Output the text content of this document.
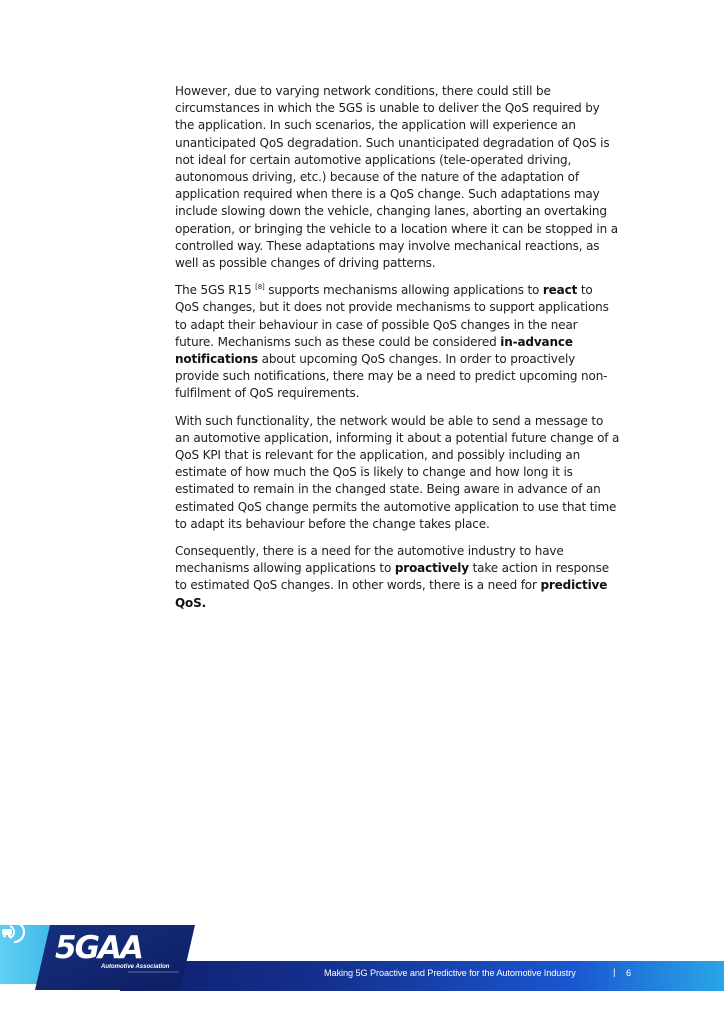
However, due to varying network conditions, there could still be circumstances in which the 5GS is unable to deliver the QoS required by the application. In such scenarios, the application will experience an unanticipated QoS degradation. Such unanticipated degradation of QoS is not ideal for certain automotive applications (tele-operated driving, autonomous driving, etc.) because of the nature of the adaptation of application required when there is a QoS change. Such adaptations may include slowing down the vehicle, changing lanes, aborting an overtaking operation, or bringing the vehicle to a location where it can be stopped in a controlled way. These adaptations may involve mechanical reactions, as well as possible changes of driving patterns.

The 5GS R15 [8] supports mechanisms allowing applications to react to QoS changes, but it does not provide mechanisms to support applications to adapt their behaviour in case of possible QoS changes in the near future. Mechanisms such as these could be considered in-advance notifications about upcoming QoS changes. In order to proactively provide such notifications, there may be a need to predict upcoming non-fulfilment of QoS requirements.

With such functionality, the network would be able to send a message to an automotive application, informing it about a potential future change of a QoS KPI that is relevant for the application, and possibly including an estimate of how much the QoS is likely to change and how long it is estimated to remain in the changed state. Being aware in advance of an estimated QoS change permits the automotive application to use that time to adapt its behaviour before the change takes place.

Consequently, there is a need for the automotive industry to have mechanisms allowing applications to proactively take action in response to estimated QoS changes. In other words, there is a need for predictive QoS.

5GAA
Automotive Association
Making 5G Proactive and Predictive for the Automotive Industry	| 6
